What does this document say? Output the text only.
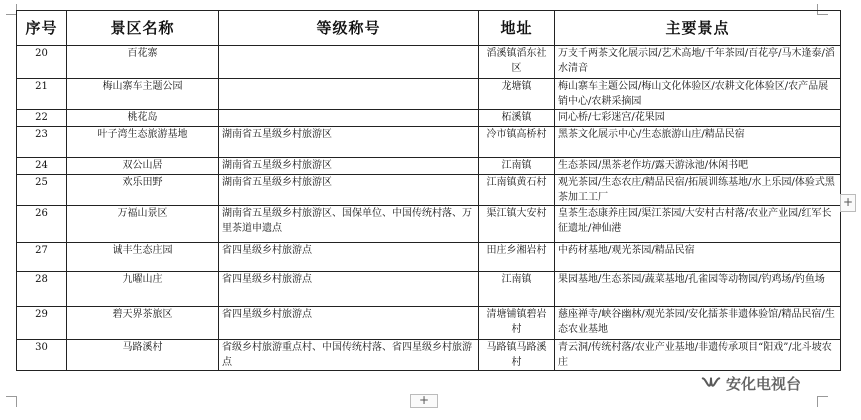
序号	景区名称	等级称号	地址	主要景点
20	百花寨		滔溪镇滔东社区	万支千两茶文化展示园/艺术高地/千年茶园/百花亭/马木逢泰/滔水清音
21	梅山寨车主题公园		龙塘镇	梅山寨车主题公园/梅山文化体验区/农耕文化体验区/农产品展销中心/农耕采摘园
22	桃花岛		柘溪镇	同心桥/七彩迷宫/花果园
23	叶子湾生态旅游基地	湖南省五星级乡村旅游区	冷市镇高桥村	黑茶文化展示中心/生态旅游山庄/精品民宿
24	双公山居	湖南省五星级乡村旅游区	江南镇	生态茶园/黑茶老作坊/露天游泳池/休闲书吧
25	欢乐田野	湖南省五星级乡村旅游区	江南镇黄石村	观光茶园/生态农庄/精品民宿/拓展训练基地/水上乐园/体验式黑茶加工工厂
26	万福山景区	湖南省五星级乡村旅游区、国保单位、中国传统村落、万里茶道申遗点	渠江镇大安村	皇茶生态康养庄园/渠江茶园/大安村古村落/农业产业园/红军长征遗址/神仙港
27	诚丰生态庄园	省四星级乡村旅游点	田庄乡湘岩村	中药材基地/观光茶园/精品民宿
28	九曜山庄	省四星级乡村旅游点	江南镇	果园基地/生态茶园/蔬菜基地/孔雀园等动物园/钓鸡场/钓鱼场
29	碧天界茶旅区	省四星级乡村旅游点	清塘铺镇碧岩村	慈座禅寺/峡谷幽林/观光茶园/安化擂茶非遗体验馆/精品民宿/生态农业基地
30	马路溪村	省级乡村旅游重点村、中国传统村落、省四星级乡村旅游点	马路镇马路溪村	青云洞/传统村落/农业产业基地/非遗传承项目“阳戏”/北斗坡农庄
+
+
安化电视台
